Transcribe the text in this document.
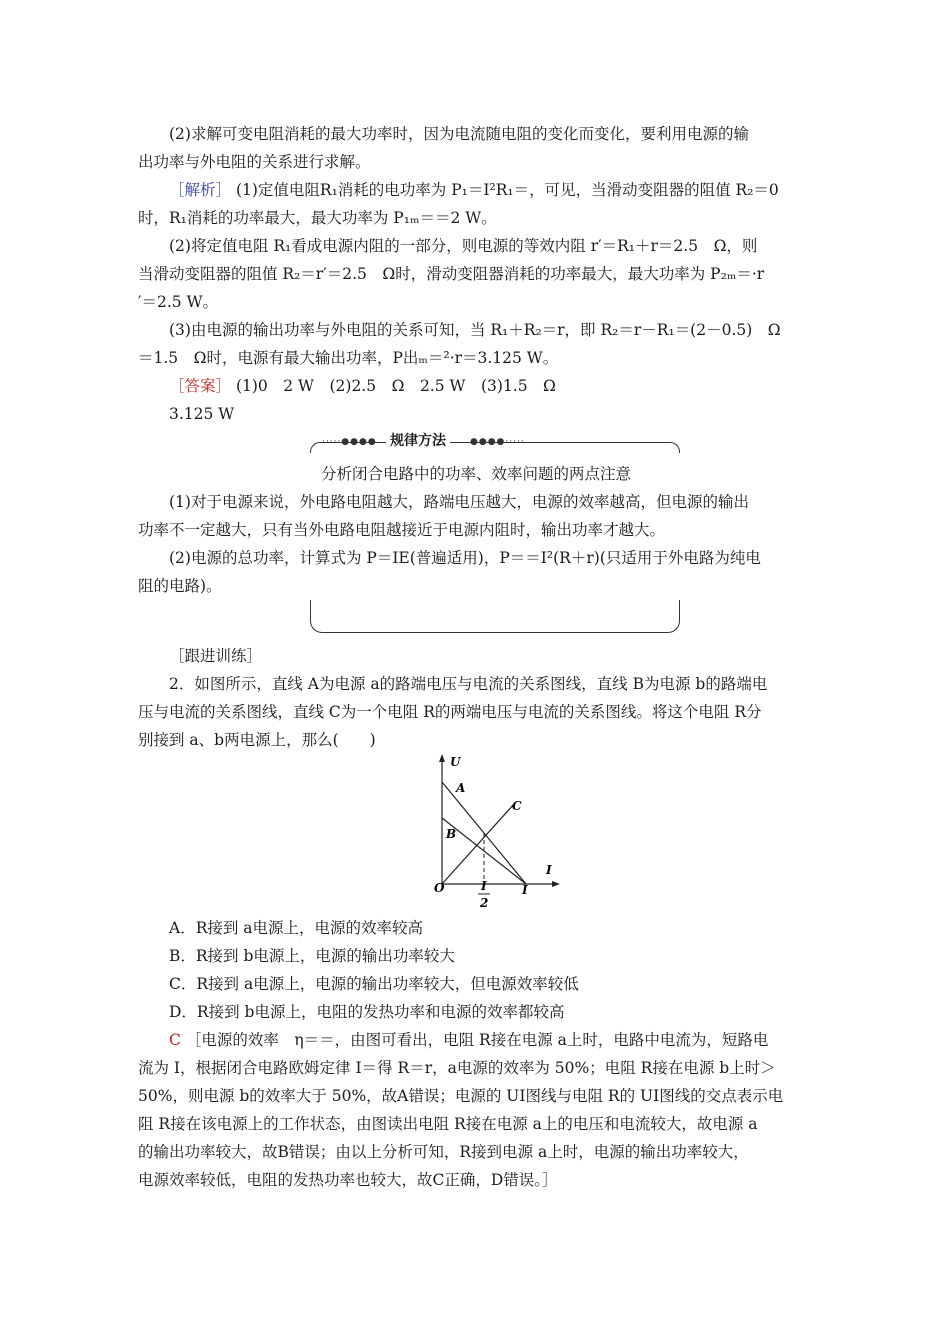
(2)求解可变电阻消耗的最大功率时，因为电流随电阻的变化而变化，要利用电源的输
出功率与外电阻的关系进行求解。
［解析］ (1)定值电阻R₁消耗的电功率为 P₁＝I²R₁＝，可见，当滑动变阻器的阻值 R₂＝0
时，R₁消耗的功率最大，最大功率为 P₁ₘ＝＝2 W。
(2)将定值电阻 R₁看成电源内阻的一部分，则电源的等效内阻 r′＝R₁＋r＝2.5　Ω，则
当滑动变阻器的阻值 R₂＝r′＝2.5　Ω时，滑动变阻器消耗的功率最大，最大功率为 P₂ₘ＝·r
′＝2.5 W。
(3)由电源的输出功率与外电阻的关系可知，当 R₁＋R₂＝r，即 R₂＝r－R₁＝(2－0.5)　Ω
＝1.5　Ω时，电源有最大输出功率，P出ₘ＝²·r＝3.125 W。
［答案］ (1)0　2 W　(2)2.5　Ω　2.5 W　(3)1.5　Ω
3.125 W
·····●●●●	●●●●·····
规律方法
分析闭合电路中的功率、效率问题的两点注意
(1)对于电源来说，外电路电阻越大，路端电压越大，电源的效率越高，但电源的输出
功率不一定越大，只有当外电路电阻越接近于电源内阻时，输出功率才越大。
(2)电源的总功率，计算式为 P＝IE(普遍适用)，P＝＝I²(R＋r)(只适用于外电路为纯电
阻的电路)。
［跟进训练］
2．如图所示，直线 A为电源 a的路端电压与电流的关系图线，直线 B为电源 b的路端电
压与电流的关系图线，直线 C为一个电阻 R的两端电压与电流的关系图线。将这个电阻 R分
别接到 a、b两电源上，那么(　　)
U
A
B
C
I
O	I
I
2
A．R接到 a电源上，电源的效率较高
B．R接到 b电源上，电源的输出功率较大
C．R接到 a电源上，电源的输出功率较大，但电源效率较低
D．R接到 b电源上，电阻的发热功率和电源的效率都较高
C ［电源的效率　η＝＝，由图可看出，电阻 R接在电源 a上时，电路中电流为，短路电
流为 I，根据闭合电路欧姆定律 I＝得 R＝r，a电源的效率为 50%；电阻 R接在电源 b上时＞
50%，则电源 b的效率大于 50%，故A错误；电源的 UI图线与电阻 R的 UI图线的交点表示电
阻 R接在该电源上的工作状态，由图读出电阻 R接在电源 a上的电压和电流较大，故电源 a
的输出功率较大，故B错误；由以上分析可知，R接到电源 a上时，电源的输出功率较大，
电源效率较低，电阻的发热功率也较大，故C正确，D错误。］
